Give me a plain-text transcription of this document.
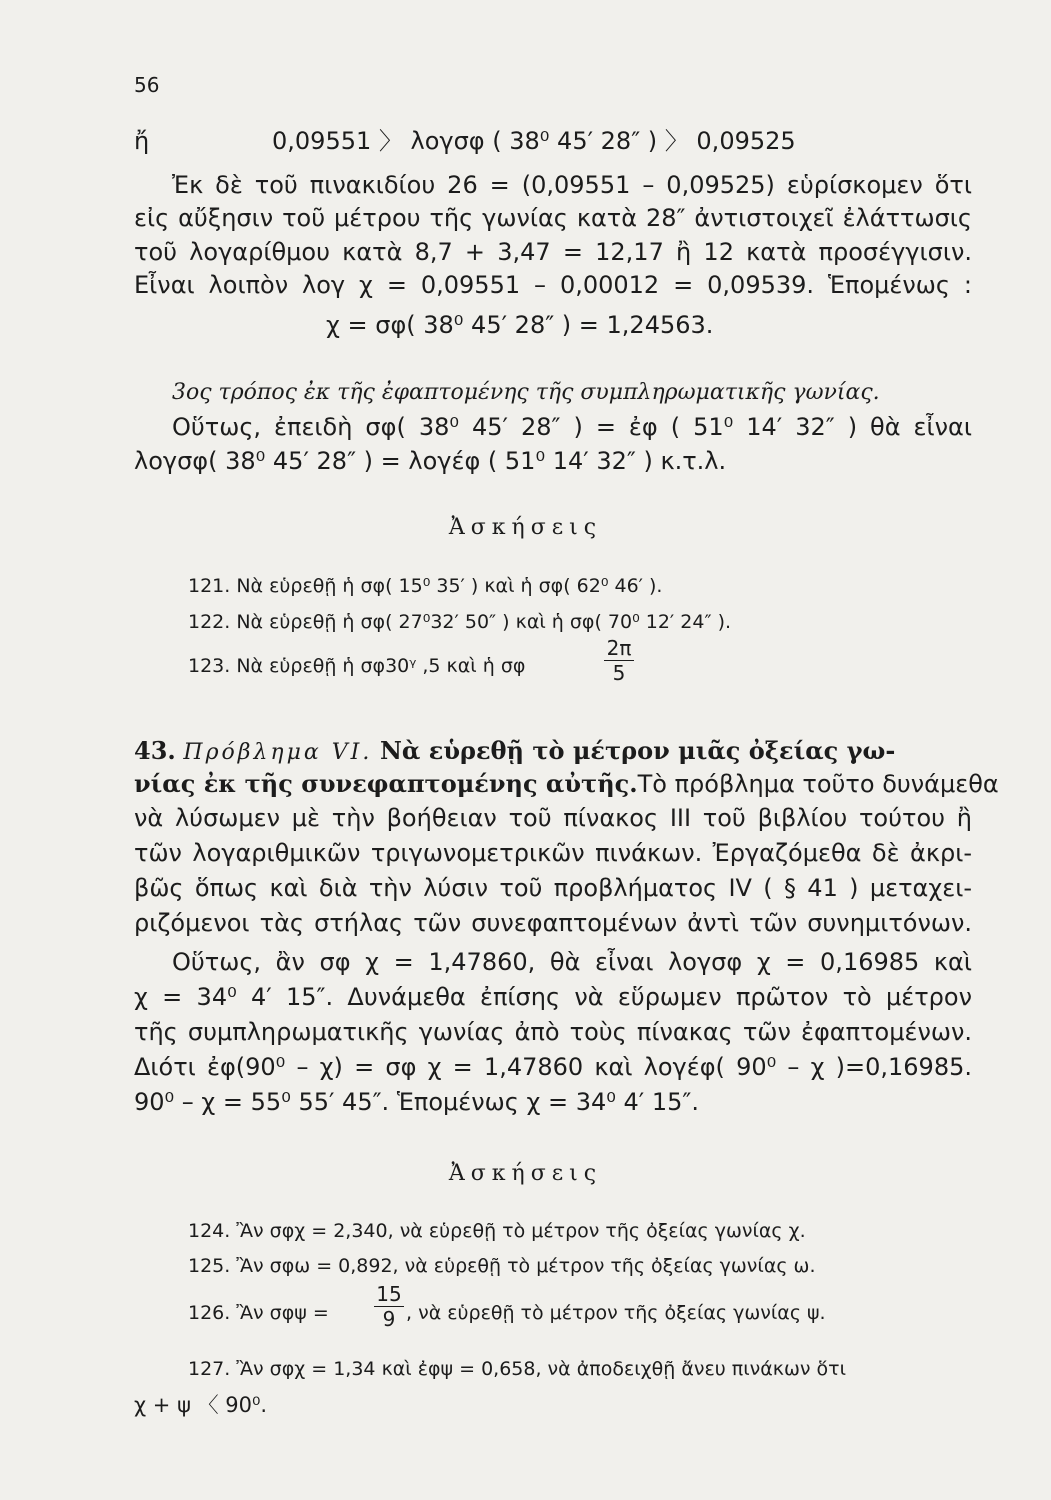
56
ἤ	0,09551 〉 λογσφ ( 38⁰ 45′ 28″ ) 〉 0,09525
Ἐκ δὲ τοῦ πινακιδίου 26 = (0,09551 – 0,09525) εὑρίσκομεν ὅτι
εἰς αὔξησιν τοῦ μέτρου τῆς γωνίας κατὰ 28″ ἀντιστοιχεῖ ἐλάττωσις
τοῦ λογαρίθμου κατὰ 8,7 + 3,47 = 12,17 ἢ 12 κατὰ προσέγγισιν.
Εἶναι λοιπὸν λογ χ = 0,09551 – 0,00012 = 0,09539. Ἑπομένως :
χ = σφ( 38⁰ 45′ 28″ ) = 1,24563.
3ος τρόπος ἐκ τῆς ἐφαπτομένης τῆς συμπληρωματικῆς γωνίας.
Οὕτως, ἐπειδὴ σφ( 38⁰ 45′ 28″ ) = ἐφ ( 51⁰ 14′ 32″ ) θὰ εἶναι
λογσφ( 38⁰ 45′ 28″ ) = λογέφ ( 51⁰ 14′ 32″ ) κ.τ.λ.
Ἀσκήσεις
121. Νὰ εὑρεθῇ ἡ σφ( 15⁰ 35′ ) καὶ ἡ σφ( 62⁰ 46′ ).
122. Νὰ εὑρεθῇ ἡ σφ( 27⁰32′ 50″ ) καὶ ἡ σφ( 70⁰ 12′ 24″ ).
123. Νὰ εὑρεθῇ ἡ σφ30ᵞ ,5 καὶ ἡ σφ
2π
5
43. Πρόβλημα VI. Νὰ εὑρεθῇ τὸ μέτρον μιᾶς ὀξείας γω-
νίας ἐκ τῆς συνεφαπτομένης αὐτῆς. Τὸ πρόβλημα τοῦτο δυνάμεθα
νὰ λύσωμεν μὲ τὴν βοήθειαν τοῦ πίνακος III τοῦ βιβλίου τούτου ἢ
τῶν λογαριθμικῶν τριγωνομετρικῶν πινάκων. Ἐργαζόμεθα δὲ ἀκρι-
βῶς ὅπως καὶ διὰ τὴν λύσιν τοῦ προβλήματος IV ( § 41 ) μεταχει-
ριζόμενοι τὰς στήλας τῶν συνεφαπτομένων ἀντὶ τῶν συνημιτόνων.
Οὕτως, ἂν σφ χ = 1,47860, θὰ εἶναι λογσφ χ = 0,16985 καὶ
χ = 34⁰ 4′ 15″. Δυνάμεθα ἐπίσης νὰ εὕρωμεν πρῶτον τὸ μέτρον
τῆς συμπληρωματικῆς γωνίας ἀπὸ τοὺς πίνακας τῶν ἐφαπτομένων.
Διότι ἐφ(90⁰ – χ) = σφ χ = 1,47860 καὶ λογέφ( 90⁰ – χ )=0,16985.
90⁰ – χ = 55⁰ 55′ 45″. Ἑπομένως χ = 34⁰ 4′ 15″.
Ἀσκήσεις
124. Ἂν σφχ = 2,340, νὰ εὑρεθῇ τὸ μέτρον τῆς ὀξείας γωνίας χ.
125. Ἂν σφω = 0,892, νὰ εὑρεθῇ τὸ μέτρον τῆς ὀξείας γωνίας ω.
126. Ἂν σφψ =
15
9 , νὰ εὑρεθῇ τὸ μέτρον τῆς ὀξείας γωνίας ψ.
127. Ἂν σφχ = 1,34 καὶ ἐφψ = 0,658, νὰ ἀποδειχθῇ ἄνευ πινάκων ὅτι
χ + ψ 〈 90⁰.
